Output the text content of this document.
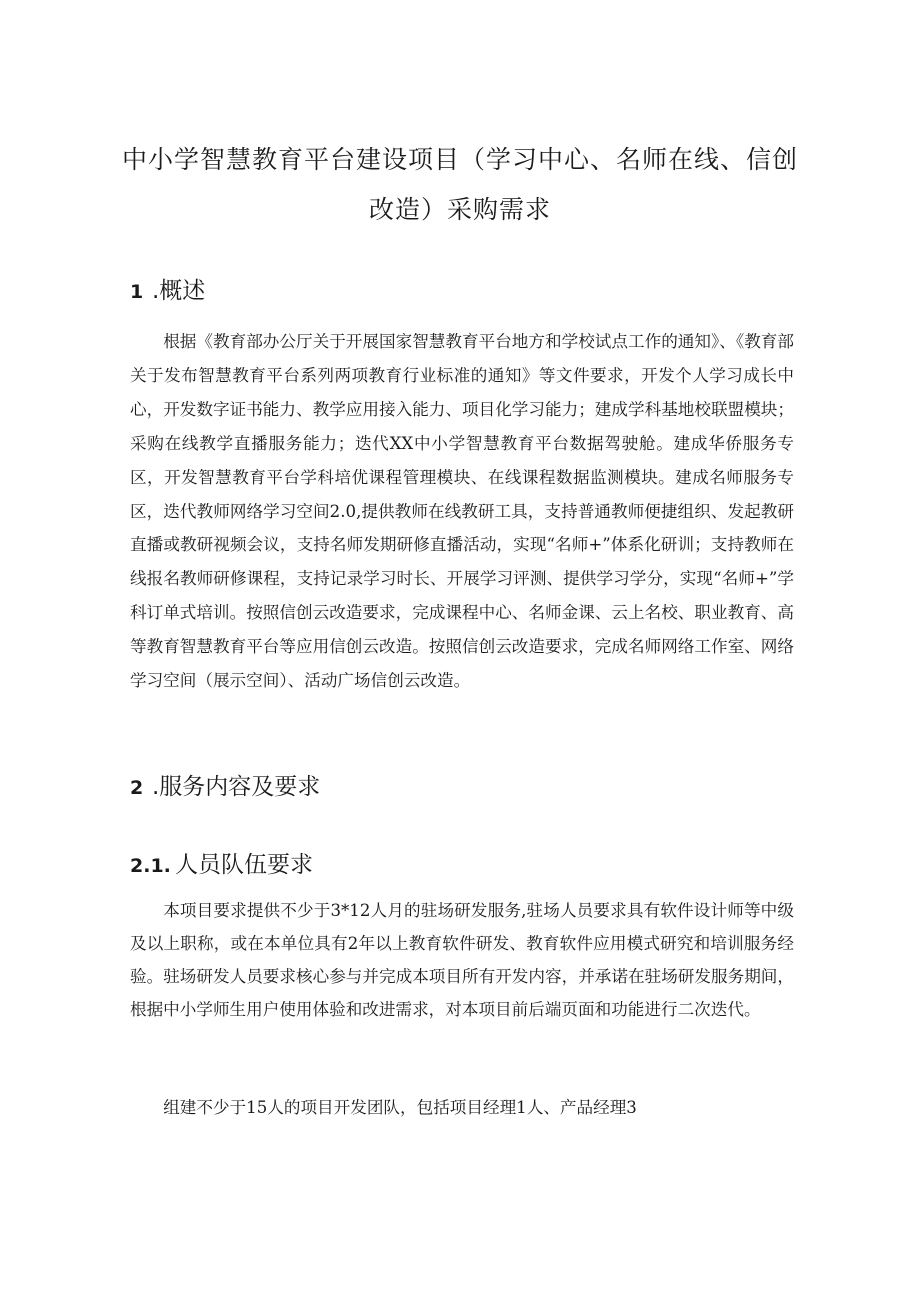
中小学智慧教育平台建设项目（学习中心、名师在线、信创
改造）采购需求
1 .概述

根据《教育部办公厅关于开展国家智慧教育平台地方和学校试点工作的通知》、《教育部关于发布智慧教育平台系列两项教育行业标准的通知》等文件要求，开发个人学习成长中心，开发数字证书能力、教学应用接入能力、项目化学习能力；建成学科基地校联盟模块；采购在线教学直播服务能力；迭代XX中小学智慧教育平台数据驾驶舱。建成华侨服务专区，开发智慧教育平台学科培优课程管理模块、在线课程数据监测模块。建成名师服务专区，迭代教师网络学习空间2.0,提供教师在线教研工具，支持普通教师便捷组织、发起教研直播或教研视频会议，支持名师发期研修直播活动，实现“名师+”体系化研训；支持教师在线报名教师研修课程，支持记录学习时长、开展学习评测、提供学习学分，实现“名师+”学科订单式培训。按照信创云改造要求，完成课程中心、名师金课、云上名校、职业教育、高等教育智慧教育平台等应用信创云改造。按照信创云改造要求，完成名师网络工作室、网络学习空间（展示空间）、活动广场信创云改造。

2 .服务内容及要求
2.1. 人员队伍要求

本项目要求提供不少于3*12人月的驻场研发服务,驻场人员要求具有软件设计师等中级及以上职称，或在本单位具有2年以上教育软件研发、教育软件应用模式研究和培训服务经验。驻场研发人员要求核心参与并完成本项目所有开发内容，并承诺在驻场研发服务期间，根据中小学师生用户使用体验和改进需求，对本项目前后端页面和功能进行二次迭代。

组建不少于15人的项目开发团队，包括项目经理1人、产品经理3
